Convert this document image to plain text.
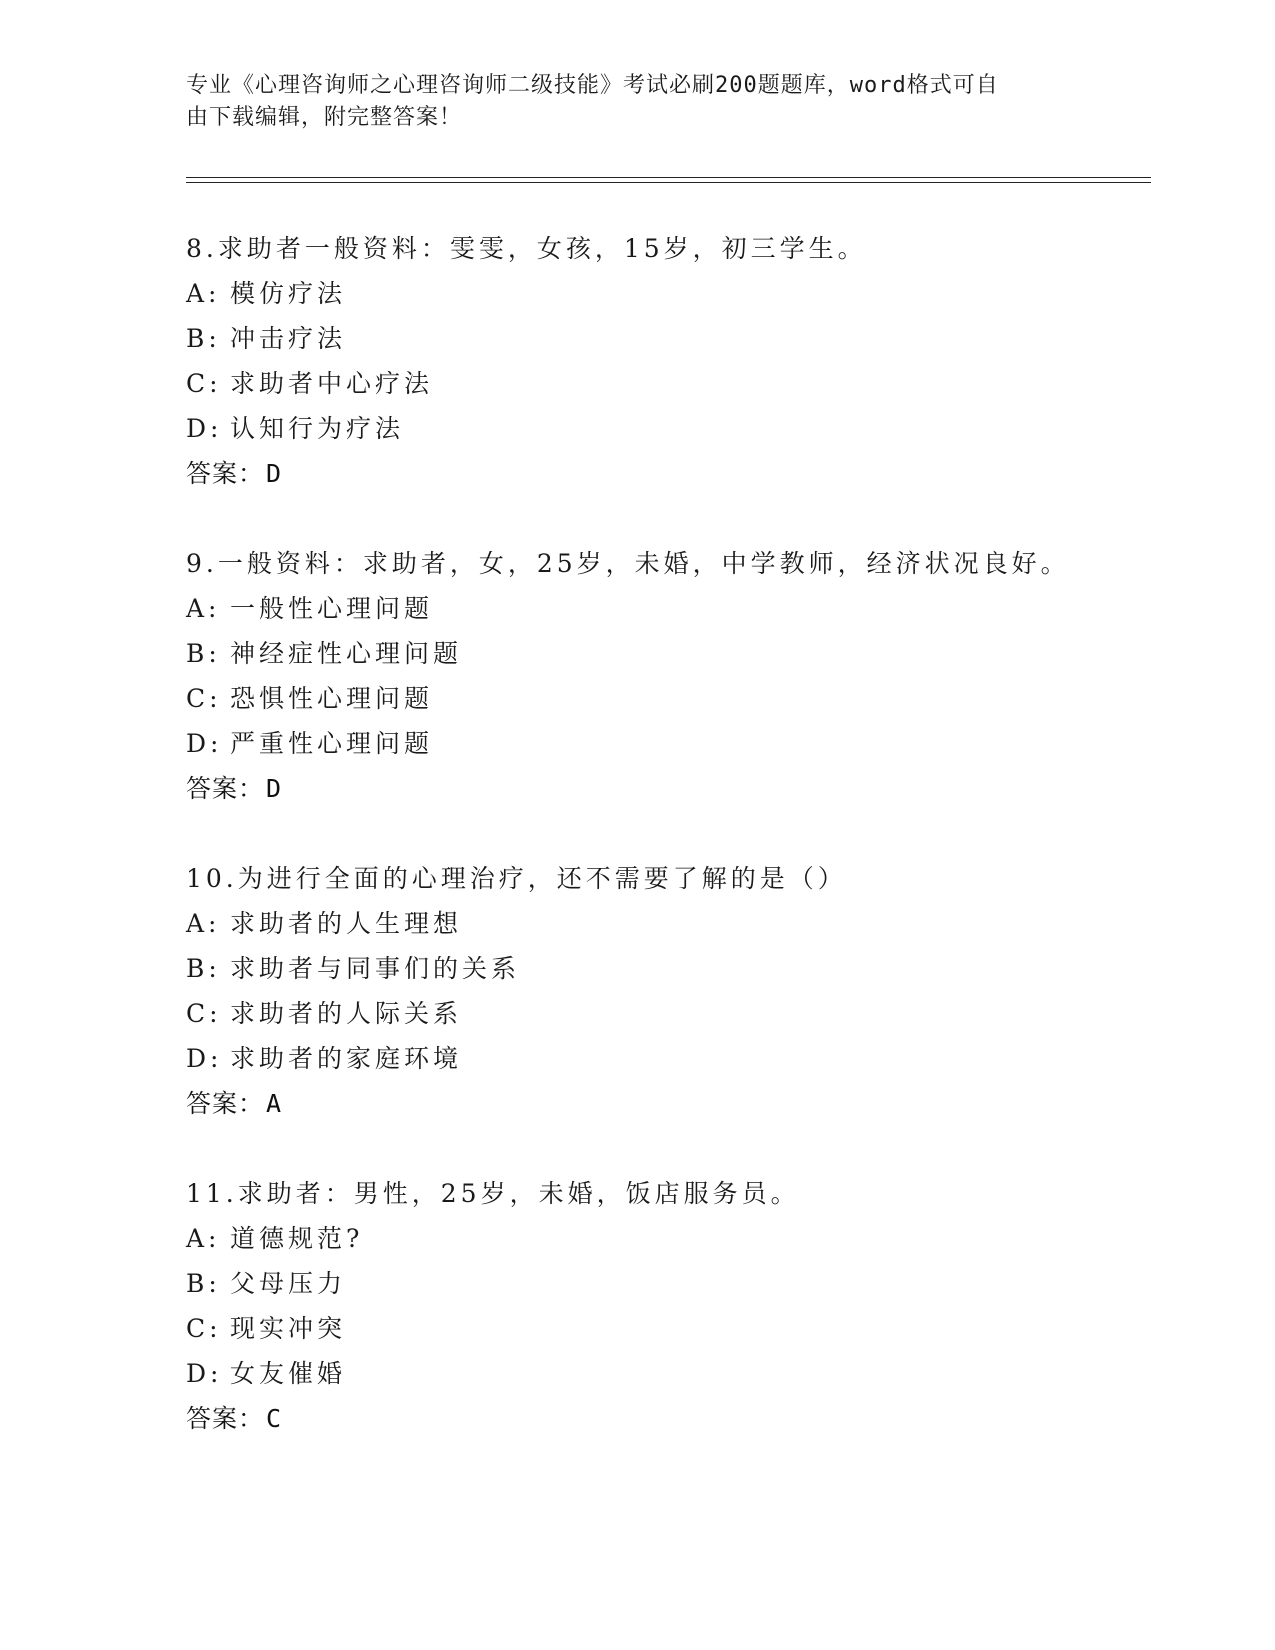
专业《心理咨询师之心理咨询师二级技能》考试必刷200题题库，word格式可自
由下载编辑，附完整答案！
8.求助者一般资料：雯雯，女孩，15岁，初三学生。
A: 模仿疗法
B: 冲击疗法
C: 求助者中心疗法
D: 认知行为疗法
答案：D
9.一般资料：求助者，女，25岁，未婚，中学教师，经济状况良好。
A: 一般性心理问题
B: 神经症性心理问题
C: 恐惧性心理问题
D: 严重性心理问题
答案：D
10.为进行全面的心理治疗，还不需要了解的是（）
A: 求助者的人生理想
B: 求助者与同事们的关系
C: 求助者的人际关系
D: 求助者的家庭环境
答案：A
11.求助者：男性，25岁，未婚，饭店服务员。
A: 道德规范?
B: 父母压力
C: 现实冲突
D: 女友催婚
答案：C
